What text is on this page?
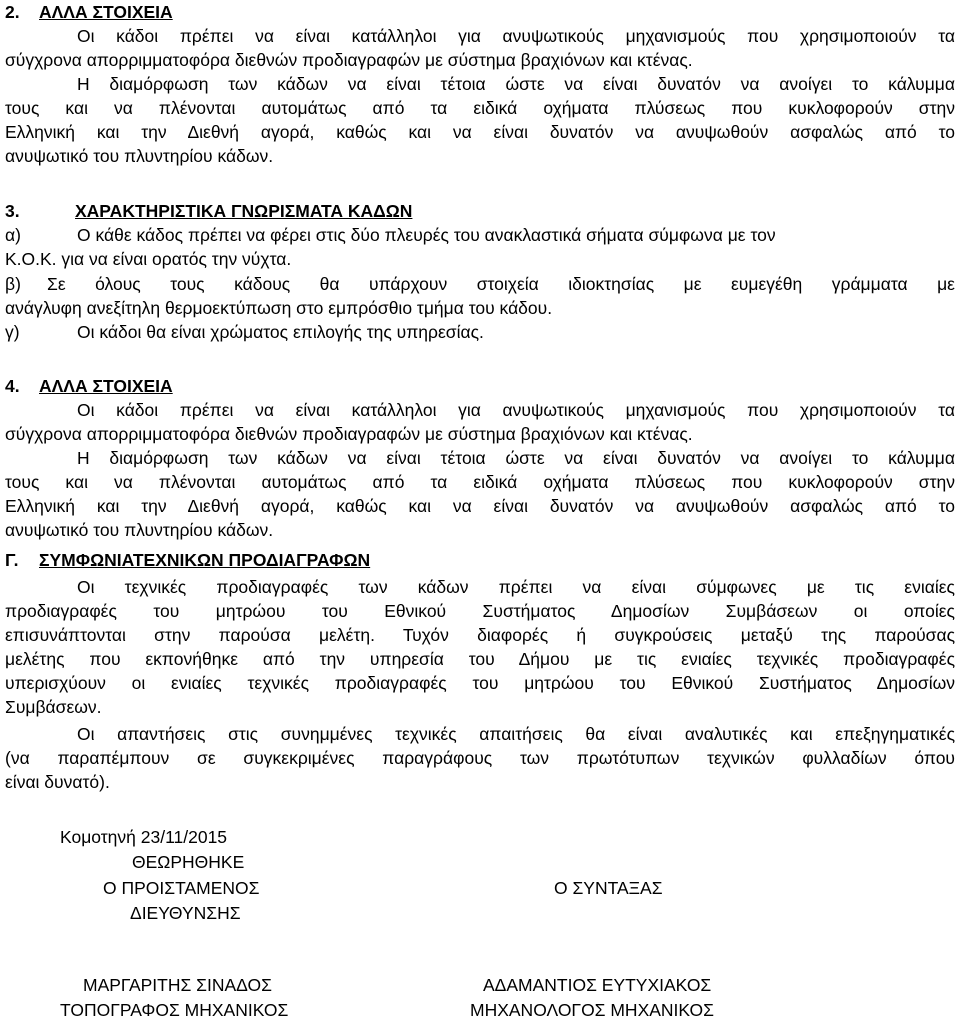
2. ΑΛΛΑ ΣΤΟΙΧΕΙΑ
Οι κάδοι πρέπει να είναι κατάλληλοι για ανυψωτικούς μηχανισμούς που χρησιμοποιούν τα
σύγχρονα απορριμματοφόρα διεθνών προδιαγραφών με σύστημα βραχιόνων και κτένας.
Η διαμόρφωση των κάδων να είναι τέτοια ώστε να είναι δυνατόν να ανοίγει το κάλυμμα
τους και να πλένονται αυτομάτως από τα ειδικά οχήματα πλύσεως που κυκλοφορούν στην
Ελληνική και την Διεθνή αγορά, καθώς και να είναι δυνατόν να ανυψωθούν ασφαλώς από το
ανυψωτικό του πλυντηρίου κάδων.
3.	ΧΑΡΑΚΤΗΡΙΣΤΙΚΑ ΓΝΩΡΙΣΜΑΤΑ ΚΑΔΩΝ
α)	Ο κάθε κάδος πρέπει να φέρει στις δύο πλευρές του ανακλαστικά σήματα σύμφωνα με τον
Κ.Ο.Κ. για να είναι ορατός την νύχτα.
β) Σε όλους τους κάδους θα υπάρχουν στοιχεία ιδιοκτησίας με ευμεγέθη γράμματα με
ανάγλυφη ανεξίτηλη θερμοεκτύπωση στο εμπρόσθιο τμήμα του κάδου.
γ)	Οι κάδοι θα είναι χρώματος επιλογής της υπηρεσίας.
4. ΑΛΛΑ ΣΤΟΙΧΕΙΑ
Οι κάδοι πρέπει να είναι κατάλληλοι για ανυψωτικούς μηχανισμούς που χρησιμοποιούν τα
σύγχρονα απορριμματοφόρα διεθνών προδιαγραφών με σύστημα βραχιόνων και κτένας.
Η διαμόρφωση των κάδων να είναι τέτοια ώστε να είναι δυνατόν να ανοίγει το κάλυμμα
τους και να πλένονται αυτομάτως από τα ειδικά οχήματα πλύσεως που κυκλοφορούν στην
Ελληνική και την Διεθνή αγορά, καθώς και να είναι δυνατόν να ανυψωθούν ασφαλώς από το
ανυψωτικό του πλυντηρίου κάδων.
Γ. ΣΥΜΦΩΝΙΑΤΕΧΝΙΚΩΝ ΠΡΟΔΙΑΓΡΑΦΩΝ
Οι τεχνικές προδιαγραφές των κάδων πρέπει να είναι σύμφωνες με τις ενιαίες
προδιαγραφές του μητρώου του Εθνικού Συστήματος Δημοσίων Συμβάσεων οι οποίες
επισυνάπτονται στην παρούσα μελέτη. Τυχόν διαφορές ή συγκρούσεις μεταξύ της παρούσας
μελέτης που εκπονήθηκε από την υπηρεσία του Δήμου με τις ενιαίες τεχνικές προδιαγραφές
υπερισχύουν οι ενιαίες τεχνικές προδιαγραφές του μητρώου του Εθνικού Συστήματος Δημοσίων
Συμβάσεων.
Οι απαντήσεις στις συνημμένες τεχνικές απαιτήσεις θα είναι αναλυτικές και επεξηγηματικές
(να παραπέμπουν σε συγκεκριμένες παραγράφους των πρωτότυπων τεχνικών φυλλαδίων όπου
είναι δυνατό).
Κομοτηνή 23/11/2015
ΘΕΩΡΗΘΗΚΕ
Ο ΠΡΟΙΣΤΑΜΕΝΟΣ
ΔΙΕΥΘΥΝΣΗΣ
Ο ΣΥΝΤΑΞΑΣ
ΜΑΡΓΑΡΙΤΗΣ ΣΙΝΑΔΟΣ
ΤΟΠΟΓΡΑΦΟΣ ΜΗΧΑΝΙΚΟΣ
ΑΔΑΜΑΝΤΙΟΣ ΕΥΤΥΧΙΑΚΟΣ
ΜΗΧΑΝΟΛΟΓΟΣ ΜΗΧΑΝΙΚΟΣ
